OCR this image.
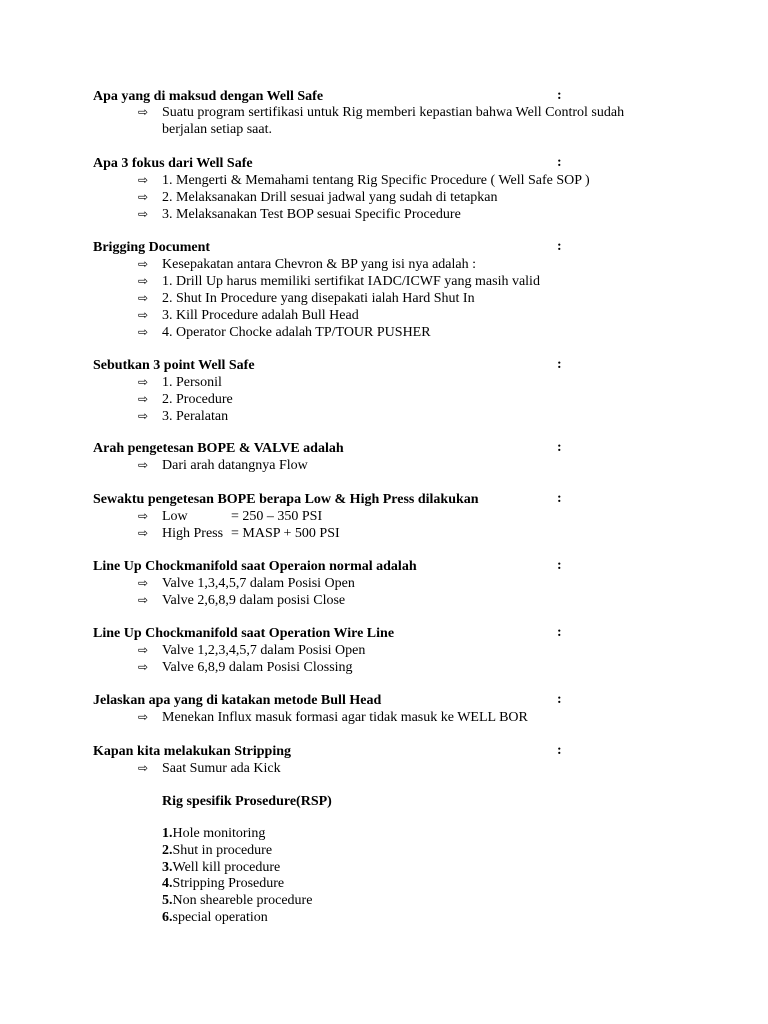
Apa yang di maksud dengan Well Safe	:
⇨ Suatu program sertifikasi untuk Rig memberi kepastian bahwa Well Control sudah berjalan setiap saat.
Apa 3 fokus dari Well Safe	:
⇨ 1. Mengerti & Memahami tentang Rig Specific Procedure ( Well Safe SOP )
⇨ 2. Melaksanakan Drill sesuai jadwal yang sudah di tetapkan
⇨ 3. Melaksanakan Test BOP sesuai Specific Procedure
Brigging Document	:
⇨ Kesepakatan antara Chevron & BP yang isi nya adalah :
⇨ 1. Drill Up harus memiliki sertifikat IADC/ICWF yang masih valid
⇨ 2. Shut In Procedure yang disepakati ialah Hard Shut In
⇨ 3. Kill Procedure adalah Bull Head
⇨ 4. Operator Chocke adalah TP/TOUR PUSHER
Sebutkan 3 point Well Safe	:
⇨ 1. Personil
⇨ 2. Procedure
⇨ 3. Peralatan
Arah pengetesan BOPE & VALVE adalah	:
⇨ Dari arah datangnya Flow
Sewaktu pengetesan BOPE berapa Low & High Press dilakukan	:
⇨ Low	= 250 – 350 PSI
⇨ High Press = MASP + 500 PSI
Line Up Chockmanifold saat Operaion normal adalah	:
⇨ Valve 1,3,4,5,7 dalam Posisi Open
⇨ Valve 2,6,8,9 dalam posisi Close
Line Up Chockmanifold saat Operation Wire Line	:
⇨ Valve 1,2,3,4,5,7 dalam Posisi Open
⇨ Valve 6,8,9 dalam Posisi Clossing
Jelaskan apa yang di katakan metode Bull Head	:
⇨ Menekan Influx masuk formasi agar tidak masuk ke WELL BOR
Kapan kita melakukan Stripping	:
⇨ Saat Sumur ada Kick
Rig spesifik Prosedure(RSP)
1.Hole monitoring
2.Shut in procedure
3.Well kill procedure
4.Stripping Prosedure
5.Non sheareble procedure
6.special operation
